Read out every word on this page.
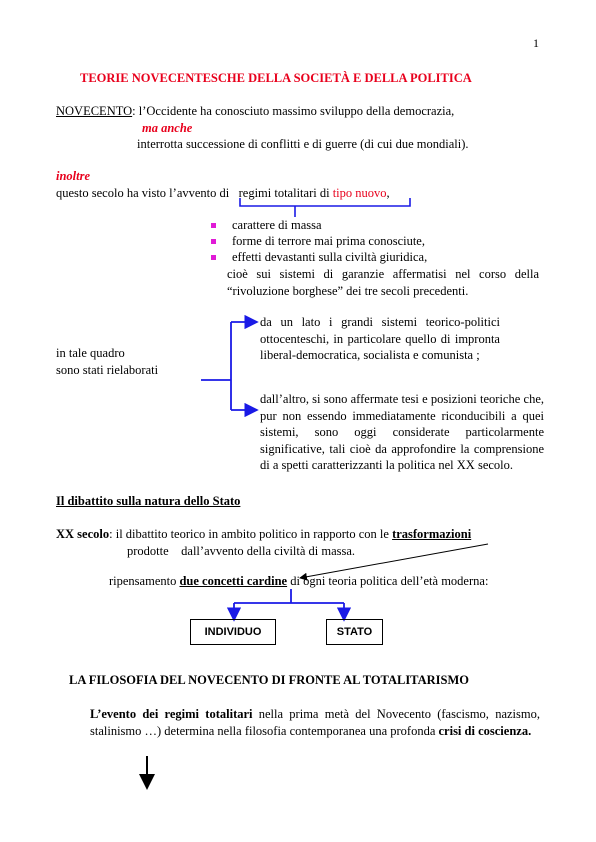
1
TEORIE NOVECENTESCHE DELLA SOCIETÀ E DELLA POLITICA
NOVECENTO: l’Occidente ha conosciuto massimo sviluppo della democrazia,
ma anche
interrotta successione di conflitti e di guerre (di cui due mondiali).
inoltre
questo secolo ha visto l’avvento di   regimi totalitari di tipo nuovo,
carattere di massa
forme di terrore mai prima conosciute,
effetti devastanti sulla civiltà giuridica,
cioè sui sistemi di garanzie affermatisi nel corso della “rivoluzione borghese” dei tre secoli precedenti.
in tale quadro
sono stati rielaborati
da un lato i grandi sistemi teorico-politici ottocenteschi, in particolare quello di impronta liberal-democratica, socialista e comunista ;
dall’altro, si sono affermate tesi e posizioni teoriche che, pur non essendo immediatamente riconducibili a quei sistemi, sono oggi considerate particolarmente significative, tali cioè da approfondire la comprensione di a spetti caratterizzanti la politica nel XX secolo.
Il dibattito sulla natura dello Stato
XX secolo: il dibattito teorico in ambito politico in rapporto con le trasformazioni
prodotte    dall’avvento della civiltà di massa.
ripensamento due concetti cardine di ogni teoria politica dell’età moderna:
INDIVIDUO	STATO
LA FILOSOFIA DEL NOVECENTO DI FRONTE AL TOTALITARISMO
L’evento dei regimi totalitari nella prima metà del Novecento (fascismo, nazismo, stalinismo …) determina nella filosofia contemporanea una profonda crisi di coscienza.
